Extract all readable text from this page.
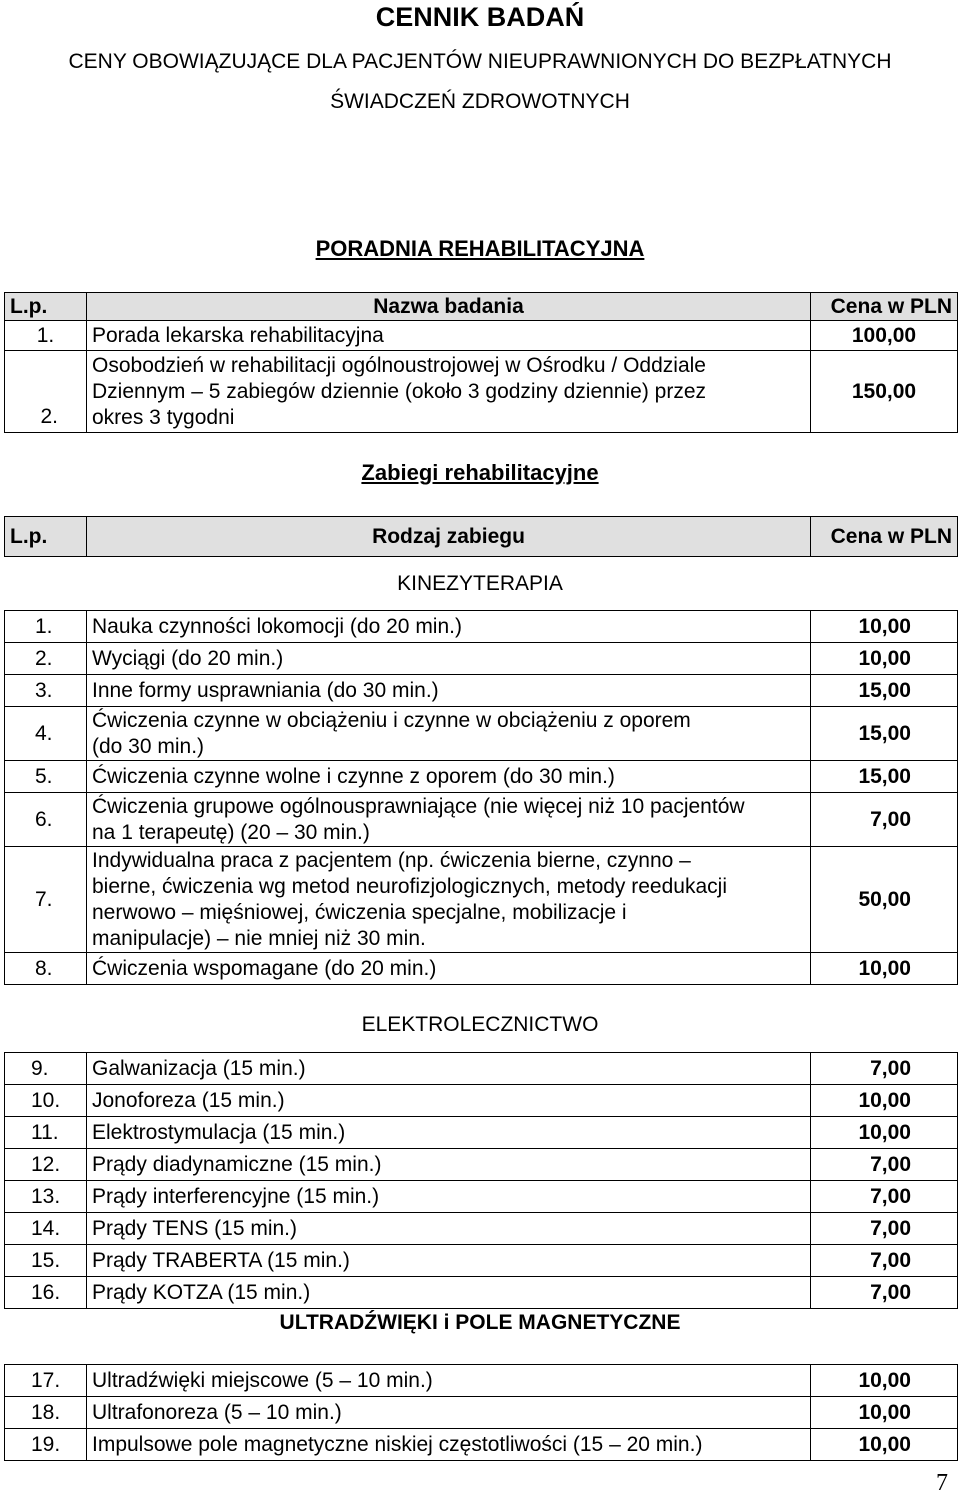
CENNIK BADAŃ
CENY OBOWIĄZUJĄCE DLA PACJENTÓW NIEUPRAWNIONYCH DO BEZPŁATNYCH
ŚWIADCZEŃ ZDROWOTNYCH
PORADNIA REHABILITACYJNA
L.p.	Nazwa badania	Cena w PLN
1.	Porada lekarska rehabilitacyjna	100,00
2.	Osobodzień w rehabilitacji ogólnoustrojowej w Ośrodku / Oddziale
Dziennym – 5 zabiegów dziennie (około 3 godziny dziennie) przez
okres 3 tygodni	150,00
Zabiegi rehabilitacyjne
L.p.	Rodzaj zabiegu	Cena w PLN
KINEZYTERAPIA
1.	Nauka czynności lokomocji (do 20 min.)	10,00
2.	Wyciągi (do 20 min.)	10,00
3.	Inne formy usprawniania (do 30 min.)	15,00
4.	Ćwiczenia czynne w obciążeniu i czynne w obciążeniu z oporem
(do 30 min.)	15,00
5.	Ćwiczenia czynne wolne i czynne z oporem (do 30 min.)	15,00
6.	Ćwiczenia grupowe ogólnousprawniające (nie więcej niż 10 pacjentów
na 1 terapeutę) (20 – 30 min.)	7,00
7.	Indywidualna praca z pacjentem (np. ćwiczenia bierne, czynno –
bierne, ćwiczenia wg metod neurofizjologicznych, metody reedukacji
nerwowo – mięśniowej, ćwiczenia specjalne, mobilizacje i
manipulacje) – nie mniej niż 30 min.	50,00
8.	Ćwiczenia wspomagane (do 20 min.)	10,00
ELEKTROLECZNICTWO
9.	Galwanizacja (15 min.)	7,00
10.	Jonoforeza (15 min.)	10,00
11.	Elektrostymulacja (15 min.)	10,00
12.	Prądy diadynamiczne (15 min.)	7,00
13.	Prądy interferencyjne (15 min.)	7,00
14.	Prądy TENS (15 min.)	7,00
15.	Prądy TRABERTA (15 min.)	7,00
16.	Prądy KOTZA (15 min.)	7,00
ULTRADŹWIĘKI i POLE MAGNETYCZNE
17.	Ultradźwięki miejscowe (5 – 10 min.)	10,00
18.	Ultrafonoreza (5 – 10 min.)	10,00
19.	Impulsowe pole magnetyczne niskiej częstotliwości (15 – 20 min.)	10,00
7
